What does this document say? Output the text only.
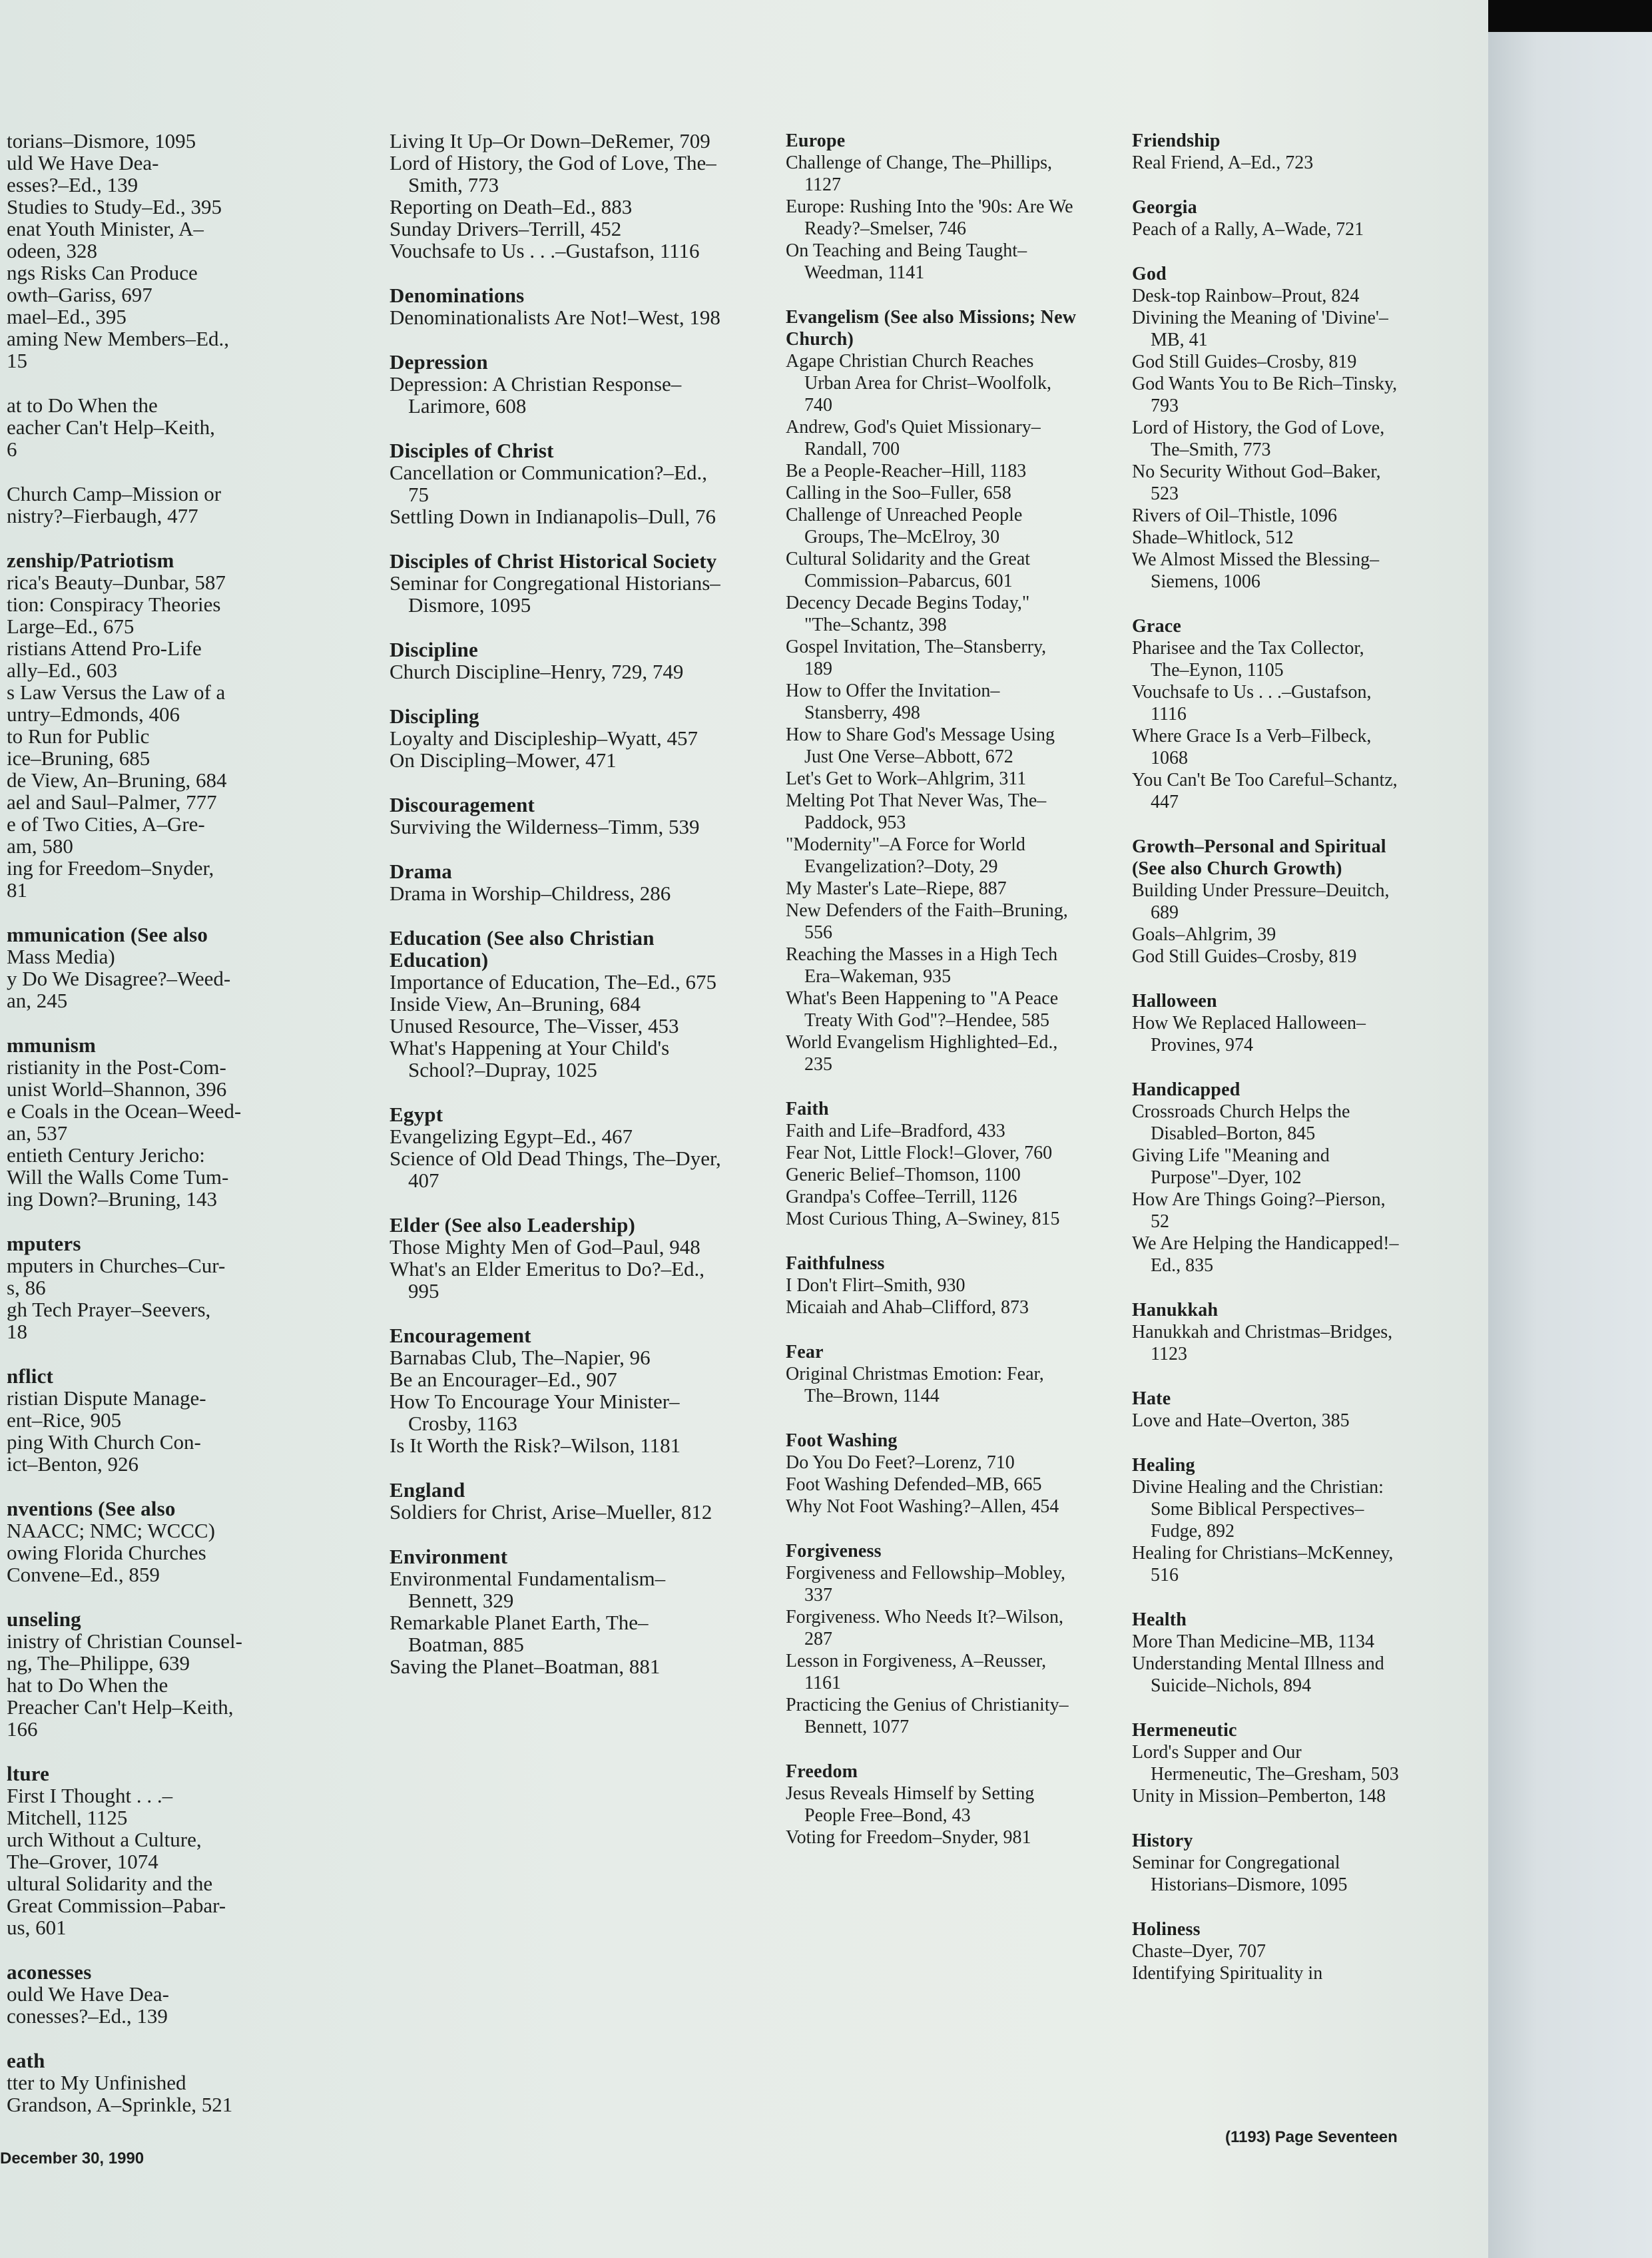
torians–Dismore, 1095
uld We Have Dea-
esses?–Ed., 139
Studies to Study–Ed., 395
enat Youth Minister, A–
odeen, 328
ngs Risks Can Produce
owth–Gariss, 697
mael–Ed., 395
aming New Members–Ed.,
15
at to Do When the
eacher Can't Help–Keith,
6
Church Camp–Mission or
nistry?–Fierbaugh, 477
zenship/Patriotism
rica's Beauty–Dunbar, 587
tion: Conspiracy Theories
Large–Ed., 675
ristians Attend Pro-Life
ally–Ed., 603
s Law Versus the Law of a
untry–Edmonds, 406
to Run for Public
ice–Bruning, 685
de View, An–Bruning, 684
ael and Saul–Palmer, 777
e of Two Cities, A–Gre-
am, 580
ing for Freedom–Snyder,
81
mmunication (See also
Mass Media)
y Do We Disagree?–Weed-
an, 245
mmunism
ristianity in the Post-Com-
unist World–Shannon, 396
e Coals in the Ocean–Weed-
an, 537
entieth Century Jericho:
Will the Walls Come Tum-
ing Down?–Bruning, 143
mputers
mputers in Churches–Cur-
s, 86
gh Tech Prayer–Seevers,
18
nflict
ristian Dispute Manage-
ent–Rice, 905
ping With Church Con-
ict–Benton, 926
nventions (See also
NAACC; NMC; WCCC)
owing Florida Churches
Convene–Ed., 859
unseling
inistry of Christian Counsel-
ng, The–Philippe, 639
hat to Do When the
Preacher Can't Help–Keith,
166
lture
First I Thought . . .–
Mitchell, 1125
urch Without a Culture,
The–Grover, 1074
ultural Solidarity and the
Great Commission–Pabar-
us, 601
aconesses
ould We Have Dea-
conesses?–Ed., 139
eath
tter to My Unfinished
Grandson, A–Sprinkle, 521
Living It Up–Or Down–DeRemer, 709
Lord of History, the God of Love, The–Smith, 773
Reporting on Death–Ed., 883
Sunday Drivers–Terrill, 452
Vouchsafe to Us . . .–Gustafson, 1116
Denominations
Denominationalists Are Not!–West, 198
Depression
Depression: A Christian Response–Larimore, 608
Disciples of Christ
Cancellation or Communication?–Ed., 75
Settling Down in Indianapolis–Dull, 76
Disciples of Christ Historical Society
Seminar for Congregational Historians–Dismore, 1095
Discipline
Church Discipline–Henry, 729, 749
Discipling
Loyalty and Discipleship–Wyatt, 457
On Discipling–Mower, 471
Discouragement
Surviving the Wilderness–Timm, 539
Drama
Drama in Worship–Childress, 286
Education (See also Christian Education)
Importance of Education, The–Ed., 675
Inside View, An–Bruning, 684
Unused Resource, The–Visser, 453
What's Happening at Your Child's School?–Dupray, 1025
Egypt
Evangelizing Egypt–Ed., 467
Science of Old Dead Things, The–Dyer, 407
Elder (See also Leadership)
Those Mighty Men of God–Paul, 948
What's an Elder Emeritus to Do?–Ed., 995
Encouragement
Barnabas Club, The–Napier, 96
Be an Encourager–Ed., 907
How To Encourage Your Minister–Crosby, 1163
Is It Worth the Risk?–Wilson, 1181
England
Soldiers for Christ, Arise–Mueller, 812
Environment
Environmental Fundamentalism–Bennett, 329
Remarkable Planet Earth, The–Boatman, 885
Saving the Planet–Boatman, 881
Europe
Challenge of Change, The–Phillips, 1127
Europe: Rushing Into the '90s: Are We Ready?–Smelser, 746
On Teaching and Being Taught–Weedman, 1141
Evangelism (See also Missions; New Church)
Agape Christian Church Reaches Urban Area for Christ–Woolfolk, 740
Andrew, God's Quiet Missionary–Randall, 700
Be a People-Reacher–Hill, 1183
Calling in the Soo–Fuller, 658
Challenge of Unreached People Groups, The–McElroy, 30
Cultural Solidarity and the Great Commission–Pabarcus, 601
Decency Decade Begins Today," "The–Schantz, 398
Gospel Invitation, The–Stansberry, 189
How to Offer the Invitation–Stansberry, 498
How to Share God's Message Using Just One Verse–Abbott, 672
Let's Get to Work–Ahlgrim, 311
Melting Pot That Never Was, The–Paddock, 953
"Modernity"–A Force for World Evangelization?–Doty, 29
My Master's Late–Riepe, 887
New Defenders of the Faith–Bruning, 556
Reaching the Masses in a High Tech Era–Wakeman, 935
What's Been Happening to "A Peace Treaty With God"?–Hendee, 585
World Evangelism Highlighted–Ed., 235
Faith
Faith and Life–Bradford, 433
Fear Not, Little Flock!–Glover, 760
Generic Belief–Thomson, 1100
Grandpa's Coffee–Terrill, 1126
Most Curious Thing, A–Swiney, 815
Faithfulness
I Don't Flirt–Smith, 930
Micaiah and Ahab–Clifford, 873
Fear
Original Christmas Emotion: Fear, The–Brown, 1144
Foot Washing
Do You Do Feet?–Lorenz, 710
Foot Washing Defended–MB, 665
Why Not Foot Washing?–Allen, 454
Forgiveness
Forgiveness and Fellowship–Mobley, 337
Forgiveness. Who Needs It?–Wilson, 287
Lesson in Forgiveness, A–Reusser, 1161
Practicing the Genius of Christianity–Bennett, 1077
Freedom
Jesus Reveals Himself by Setting People Free–Bond, 43
Voting for Freedom–Snyder, 981
Friendship
Real Friend, A–Ed., 723
Georgia
Peach of a Rally, A–Wade, 721
God
Desk-top Rainbow–Prout, 824
Divining the Meaning of 'Divine'–MB, 41
God Still Guides–Crosby, 819
God Wants You to Be Rich–Tinsky, 793
Lord of History, the God of Love, The–Smith, 773
No Security Without God–Baker, 523
Rivers of Oil–Thistle, 1096
Shade–Whitlock, 512
We Almost Missed the Blessing–Siemens, 1006
Grace
Pharisee and the Tax Collector, The–Eynon, 1105
Vouchsafe to Us . . .–Gustafson, 1116
Where Grace Is a Verb–Filbeck, 1068
You Can't Be Too Careful–Schantz, 447
Growth–Personal and Spiritual (See also Church Growth)
Building Under Pressure–Deuitch, 689
Goals–Ahlgrim, 39
God Still Guides–Crosby, 819
Halloween
How We Replaced Halloween–Provines, 974
Handicapped
Crossroads Church Helps the Disabled–Borton, 845
Giving Life "Meaning and Purpose"–Dyer, 102
How Are Things Going?–Pierson, 52
We Are Helping the Handicapped!–Ed., 835
Hanukkah
Hanukkah and Christmas–Bridges, 1123
Hate
Love and Hate–Overton, 385
Healing
Divine Healing and the Christian: Some Biblical Perspectives–Fudge, 892
Healing for Christians–McKenney, 516
Health
More Than Medicine–MB, 1134
Understanding Mental Illness and Suicide–Nichols, 894
Hermeneutic
Lord's Supper and Our Hermeneutic, The–Gresham, 503
Unity in Mission–Pemberton, 148
History
Seminar for Congregational Historians–Dismore, 1095
Holiness
Chaste–Dyer, 707
Identifying Spirituality in
December 30, 1990
(1193) Page Seventeen
